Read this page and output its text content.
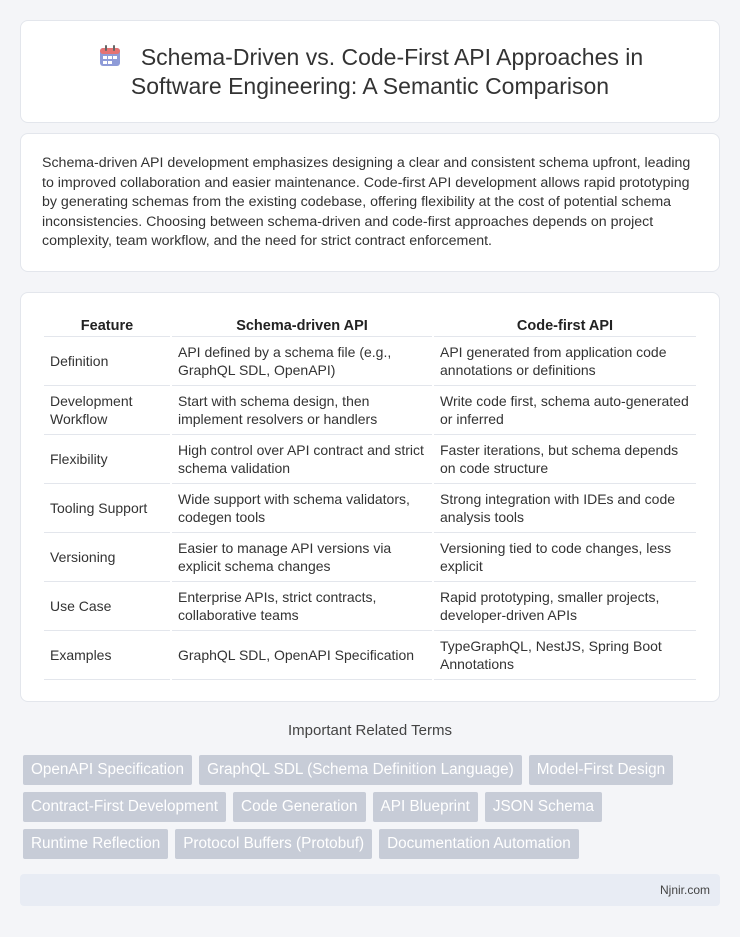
Schema-Driven vs. Code-First API Approaches in
Software Engineering: A Semantic Comparison

Schema-driven API development emphasizes designing a clear and consistent schema upfront, leading to improved collaboration and easier maintenance. Code-first API development allows rapid prototyping by generating schemas from the existing codebase, offering flexibility at the cost of potential schema inconsistencies. Choosing between schema-driven and code-first approaches depends on project complexity, team workflow, and the need for strict contract enforcement.

Feature	Schema-driven API	Code-first API
Definition	API defined by a schema file (e.g., GraphQL SDL, OpenAPI)	API generated from application code annotations or definitions
Development Workflow	Start with schema design, then implement resolvers or handlers	Write code first, schema auto-generated or inferred
Flexibility	High control over API contract and strict schema validation	Faster iterations, but schema depends on code structure
Tooling Support	Wide support with schema validators, codegen tools	Strong integration with IDEs and code analysis tools
Versioning	Easier to manage API versions via explicit schema changes	Versioning tied to code changes, less explicit
Use Case	Enterprise APIs, strict contracts, collaborative teams	Rapid prototyping, smaller projects, developer-driven APIs
Examples	GraphQL SDL, OpenAPI Specification	TypeGraphQL, NestJS, Spring Boot Annotations
Important Related Terms
OpenAPI Specification	GraphQL SDL (Schema Definition Language)	Model-First Design
Contract-First Development	Code Generation	API Blueprint	JSON Schema
Runtime Reflection	Protocol Buffers (Protobuf)	Documentation Automation
Njnir.com
